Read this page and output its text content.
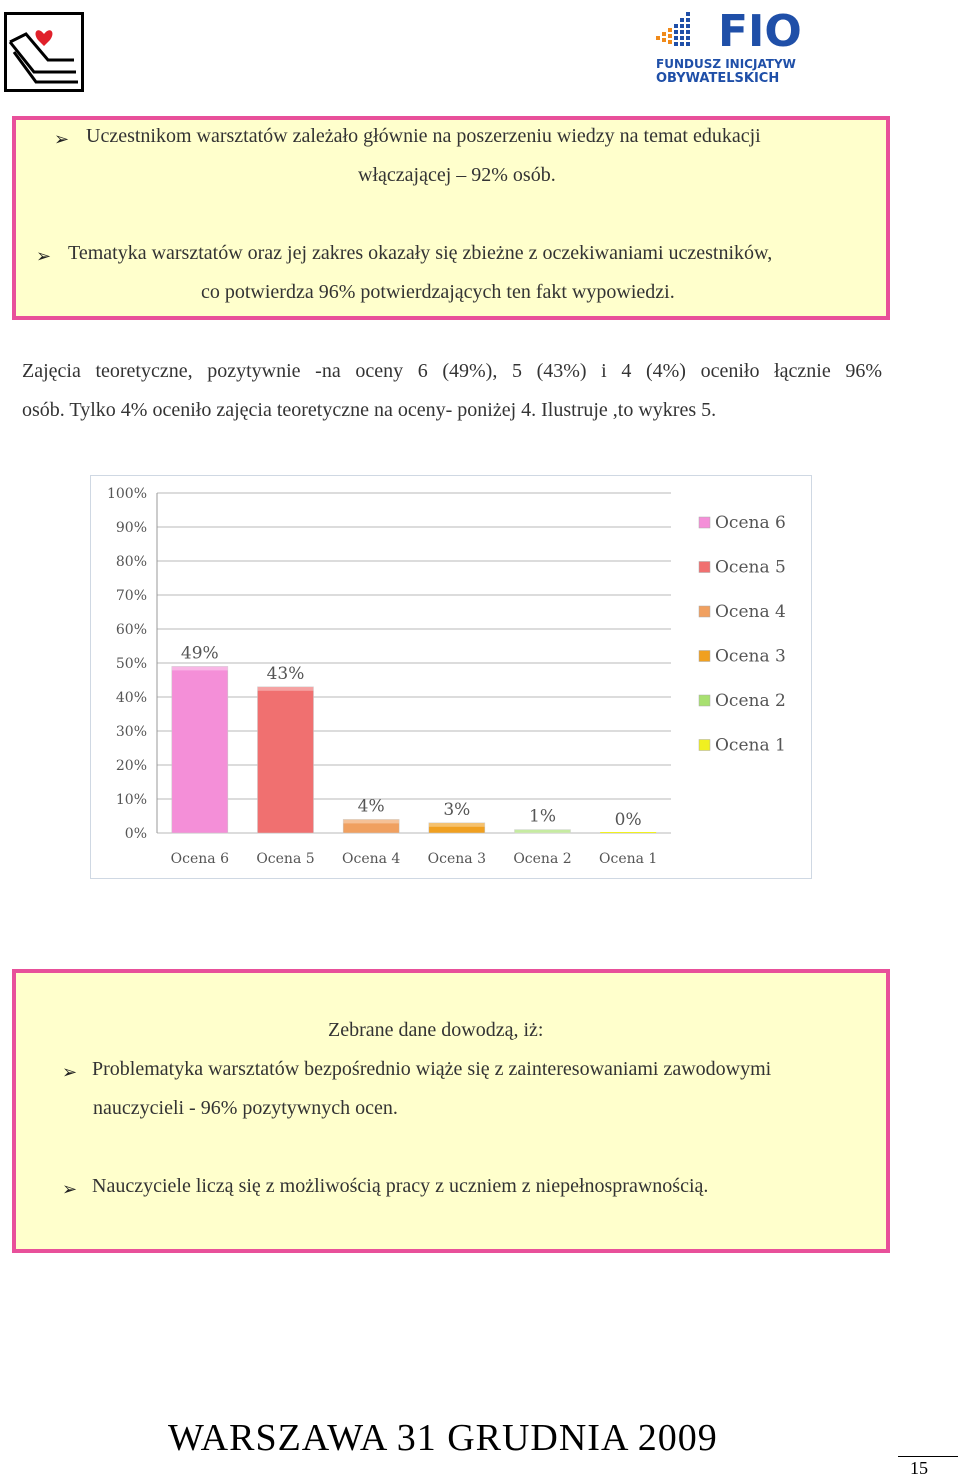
FIO
FUNDUSZ INICJATYW
OBYWATELSKICH
➢ Uczestnikom warsztatów zależało głównie na poszerzeniu wiedzy na temat edukacji
włączającej – 92% osób.
➢ Tematyka warsztatów oraz jej zakres okazały się zbieżne z oczekiwaniami uczestników,
co potwierdza 96% potwierdzających ten fakt wypowiedzi.
Zajęcia teoretyczne, pozytywnie -na oceny 6 (49%), 5 (43%) i 4 (4%) oceniło łącznie 96%
osób. Tylko 4% oceniło zajęcia teoretyczne na oceny- poniżej 4. Ilustruje ,to wykres 5.
0%
10%
20%
30%
40%
50%
60%
70%
80%
90%
100%
49%
Ocena 6
43%
Ocena 5
4%
Ocena 4
3%
Ocena 3
1%
Ocena 2
0%
Ocena 1
Ocena 6
Ocena 5
Ocena 4
Ocena 3
Ocena 2
Ocena 1
Zebrane dane dowodzą, iż:
➢ Problematyka warsztatów bezpośrednio wiąże się z zainteresowaniami zawodowymi
nauczycieli - 96% pozytywnych ocen.
➢ Nauczyciele liczą się z możliwością pracy z uczniem z niepełnosprawnością.
WARSZAWA 31 GRUDNIA 2009
15
